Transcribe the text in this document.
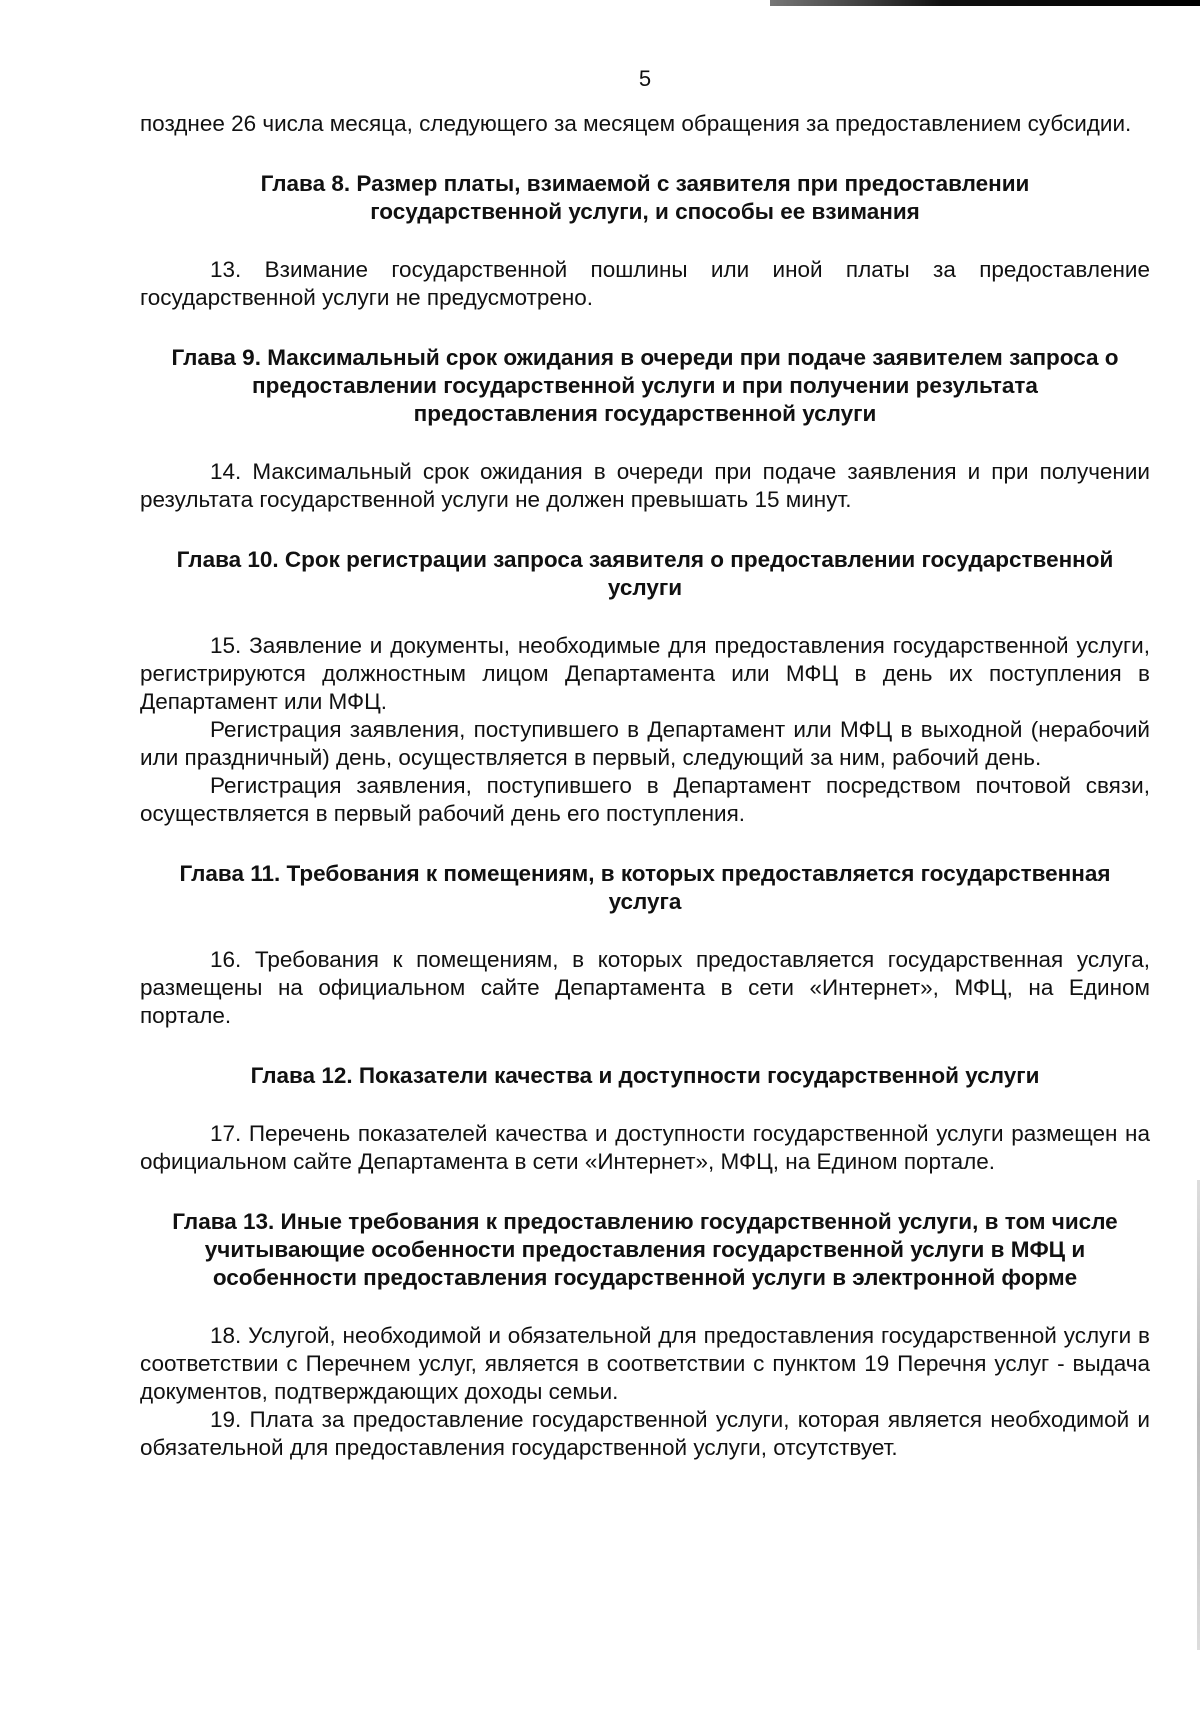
5

позднее 26 числа месяца, следующего за месяцем обращения за предоставлением субсидии.

Глава 8. Размер платы, взимаемой с заявителя при предоставлении государственной услуги, и способы ее взимания

13. Взимание государственной пошлины или иной платы за предоставление государственной услуги не предусмотрено.

Глава 9. Максимальный срок ожидания в очереди при подаче заявителем запроса о предоставлении государственной услуги и при получении результата предоставления государственной услуги

14. Максимальный срок ожидания в очереди при подаче заявления и при получении результата государственной услуги не должен превышать 15 минут.

Глава 10. Срок регистрации запроса заявителя о предоставлении государственной услуги

15. Заявление и документы, необходимые для предоставления государственной услуги, регистрируются должностным лицом Департамента или МФЦ в день их поступления в Департамент или МФЦ.

Регистрация заявления, поступившего в Департамент или МФЦ в выходной (нерабочий или праздничный) день, осуществляется в первый, следующий за ним, рабочий день.

Регистрация заявления, поступившего в Департамент посредством почтовой связи, осуществляется в первый рабочий день его поступления.

Глава 11. Требования к помещениям, в которых предоставляется государственная услуга

16. Требования к помещениям, в которых предоставляется государственная услуга, размещены на официальном сайте Департамента в сети «Интернет», МФЦ, на Едином портале.

Глава 12. Показатели качества и доступности государственной услуги

17. Перечень показателей качества и доступности государственной услуги размещен на официальном сайте Департамента в сети «Интернет», МФЦ, на Едином портале.

Глава 13. Иные требования к предоставлению государственной услуги, в том числе учитывающие особенности предоставления государственной услуги в МФЦ и особенности предоставления государственной услуги в электронной форме

18. Услугой, необходимой и обязательной для предоставления государственной услуги в соответствии с Перечнем услуг, является в соответствии с пунктом 19 Перечня услуг - выдача документов, подтверждающих доходы семьи.

19. Плата за предоставление государственной услуги, которая является необходимой и обязательной для предоставления государственной услуги, отсутствует.
